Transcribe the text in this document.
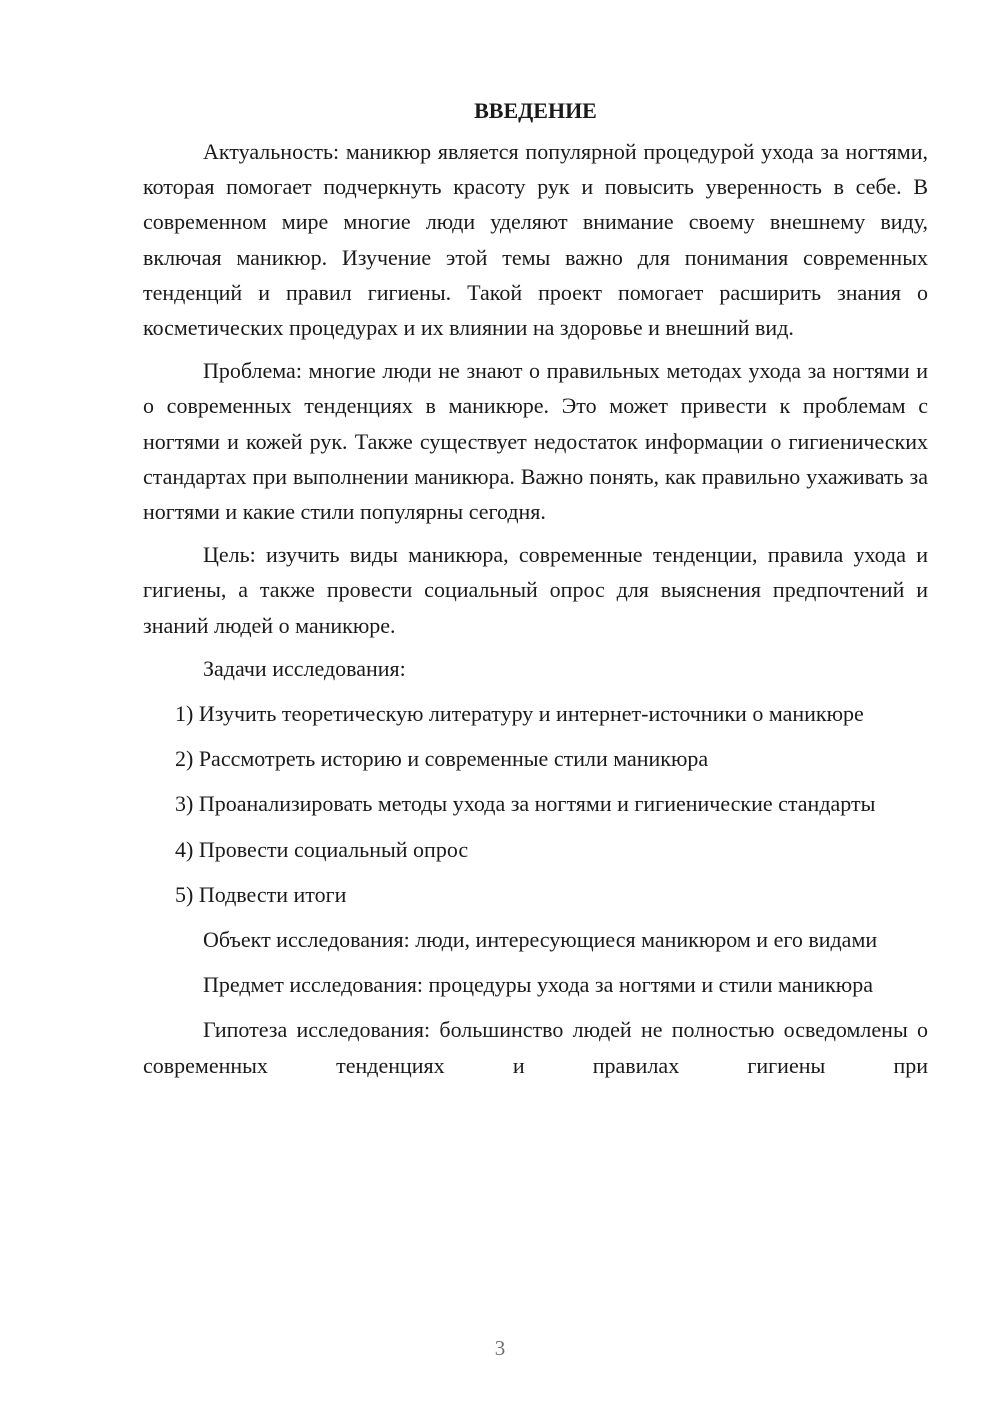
ВВЕДЕНИЕ

Актуальность: маникюр является популярной процедурой ухода за ногтями, которая помогает подчеркнуть красоту рук и повысить уверенность в себе. В современном мире многие люди уделяют внимание своему внешнему виду, включая маникюр. Изучение этой темы важно для понимания современных тенденций и правил гигиены. Такой проект помогает расширить знания о косметических процедурах и их влиянии на здоровье и внешний вид.

Проблема: многие люди не знают о правильных методах ухода за ногтями и о современных тенденциях в маникюре. Это может привести к проблемам с ногтями и кожей рук. Также существует недостаток информации о гигиенических стандартах при выполнении маникюра. Важно понять, как правильно ухаживать за ногтями и какие стили популярны сегодня.

Цель: изучить виды маникюра, современные тенденции, правила ухода и гигиены, а также провести социальный опрос для выяснения предпочтений и знаний людей о маникюре.

Задачи исследования:

1) Изучить теоретическую литературу и интернет-источники о маникюре

2) Рассмотреть историю и современные стили маникюра

3) Проанализировать методы ухода за ногтями и гигиенические стандарты

4) Провести социальный опрос

5) Подвести итоги

Объект исследования: люди, интересующиеся маникюром и его видами

Предмет исследования: процедуры ухода за ногтями и стили маникюра

Гипотеза исследования: большинство людей не полностью осведомлены о современных тенденциях и правилах гигиены при

3
